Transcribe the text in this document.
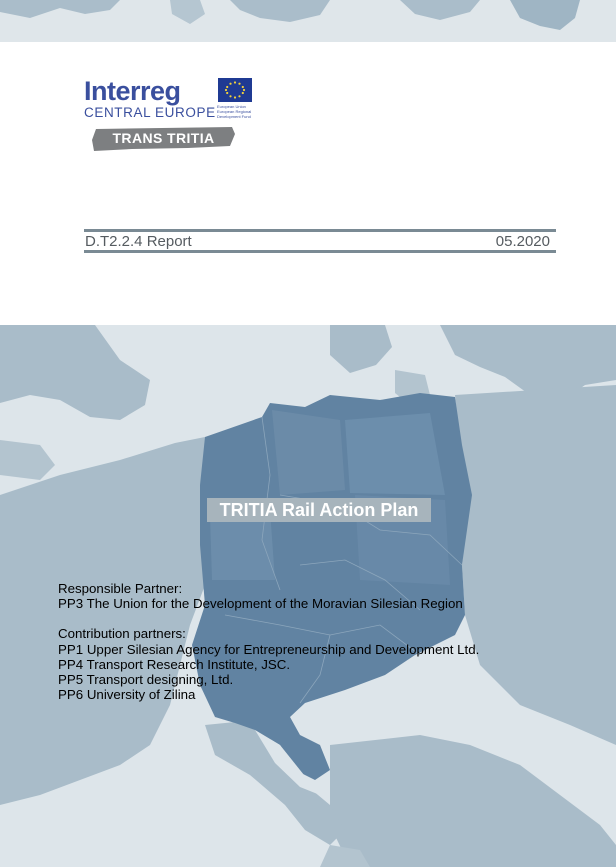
Interreg
CENTRAL EUROPE European Union
European Regional
Development Fund
TRANS TRITIA
D.T2.2.4 Report	05.2020
TRITIA Rail Action Plan
Responsible Partner:
PP3 The Union for the Development of the Moravian Silesian Region
Contribution partners:
PP1 Upper Silesian Agency for Entrepreneurship and Development Ltd.
PP4 Transport Research Institute, JSC.
PP5 Transport designing, Ltd.
PP6 University of Zilina
